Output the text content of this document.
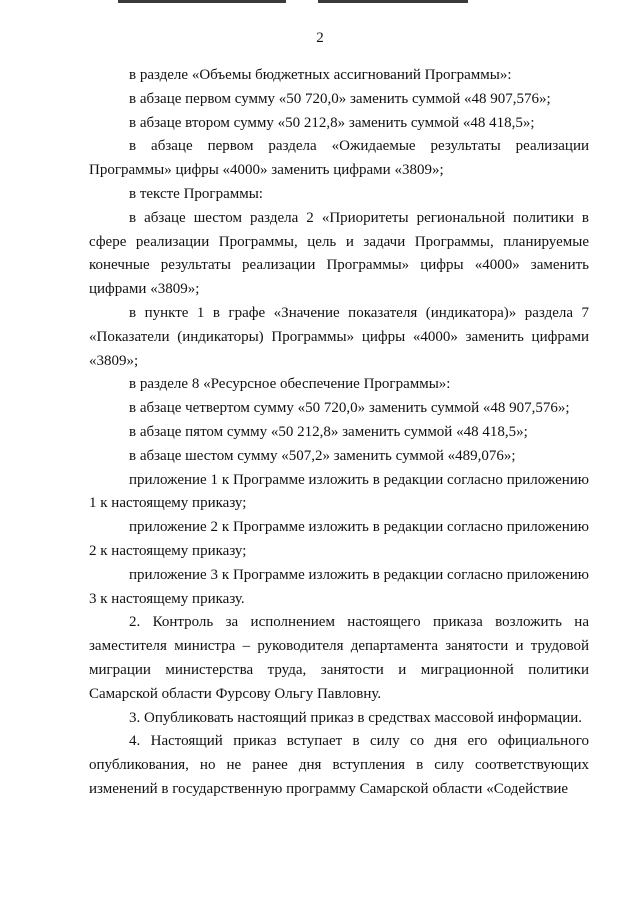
2

в разделе «Объемы бюджетных ассигнований Программы»:

в абзаце первом сумму «50 720,0» заменить суммой «48 907,576»;

в абзаце втором сумму «50 212,8» заменить суммой «48 418,5»;

в абзаце первом раздела «Ожидаемые результаты реализации Программы» цифры «4000» заменить цифрами «3809»;

в тексте Программы:

в абзаце шестом раздела 2 «Приоритеты региональной политики в сфере реализации Программы, цель и задачи Программы, планируемые конечные результаты реализации Программы» цифры «4000» заменить цифрами «3809»;

в пункте 1 в графе «Значение показателя (индикатора)» раздела 7 «Показатели (индикаторы) Программы» цифры «4000» заменить цифрами «3809»;

в разделе 8 «Ресурсное обеспечение Программы»:

в абзаце четвертом сумму «50 720,0» заменить суммой «48 907,576»;

в абзаце пятом сумму «50 212,8» заменить суммой «48 418,5»;

в абзаце шестом сумму «507,2» заменить суммой «489,076»;

приложение 1 к Программе изложить в редакции согласно приложению 1 к настоящему приказу;

приложение 2 к Программе изложить в редакции согласно приложению 2 к настоящему приказу;

приложение 3 к Программе изложить в редакции согласно приложению 3 к настоящему приказу.

2. Контроль за исполнением настоящего приказа возложить на заместителя министра – руководителя департамента занятости и трудовой миграции министерства труда, занятости и миграционной политики Самарской области Фурсову Ольгу Павловну.

3. Опубликовать настоящий приказ в средствах массовой информации.

4. Настоящий приказ вступает в силу со дня его официального опубликования, но не ранее дня вступления в силу соответствующих изменений в государственную программу Самарской области «Содействие
